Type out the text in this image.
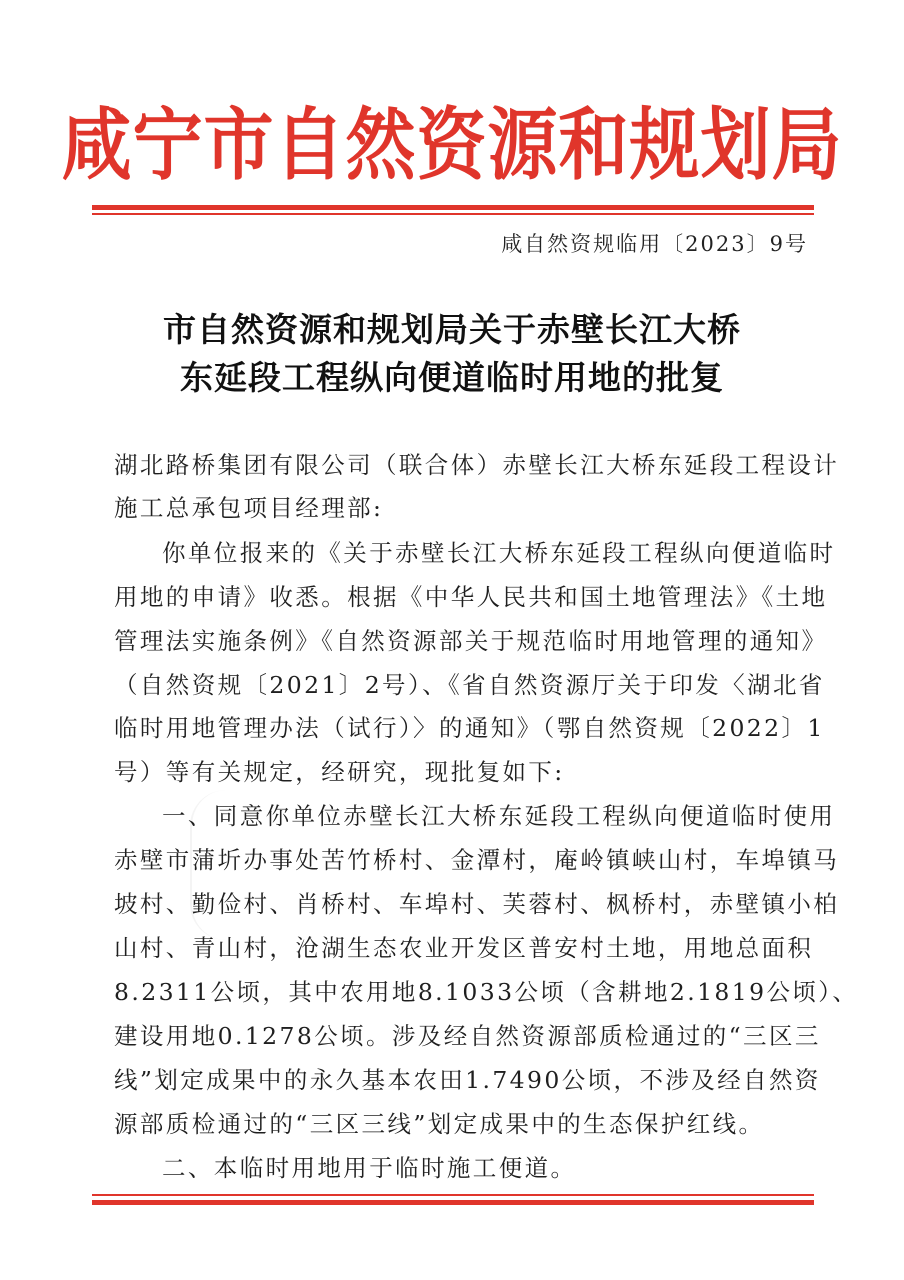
咸宁市自然资源和规划局
咸自然资规临用〔2023〕9号
市自然资源和规划局关于赤壁长江大桥
东延段工程纵向便道临时用地的批复
湖北路桥集团有限公司（联合体）赤壁长江大桥东延段工程设计
施工总承包项目经理部:
你单位报来的《关于赤壁长江大桥东延段工程纵向便道临时
用地的申请》收悉。根据《中华人民共和国土地管理法》《土地
管理法实施条例》《自然资源部关于规范临时用地管理的通知》
（自然资规〔2021〕2号）、《省自然资源厅关于印发〈湖北省
临时用地管理办法（试行）〉的通知》（鄂自然资规〔2022〕1
号）等有关规定，经研究，现批复如下:
一、同意你单位赤壁长江大桥东延段工程纵向便道临时使用
赤壁市蒲圻办事处苦竹桥村、金潭村，庵岭镇峡山村，车埠镇马
坡村、勤俭村、肖桥村、车埠村、芙蓉村、枫桥村，赤壁镇小柏
山村、青山村，沧湖生态农业开发区普安村土地，用地总面积
8.2311公顷，其中农用地8.1033公顷（含耕地2.1819公顷）、
建设用地0.1278公顷。涉及经自然资源部质检通过的“三区三
线”划定成果中的永久基本农田1.7490公顷，不涉及经自然资
源部质检通过的“三区三线”划定成果中的生态保护红线。
二、本临时用地用于临时施工便道。
